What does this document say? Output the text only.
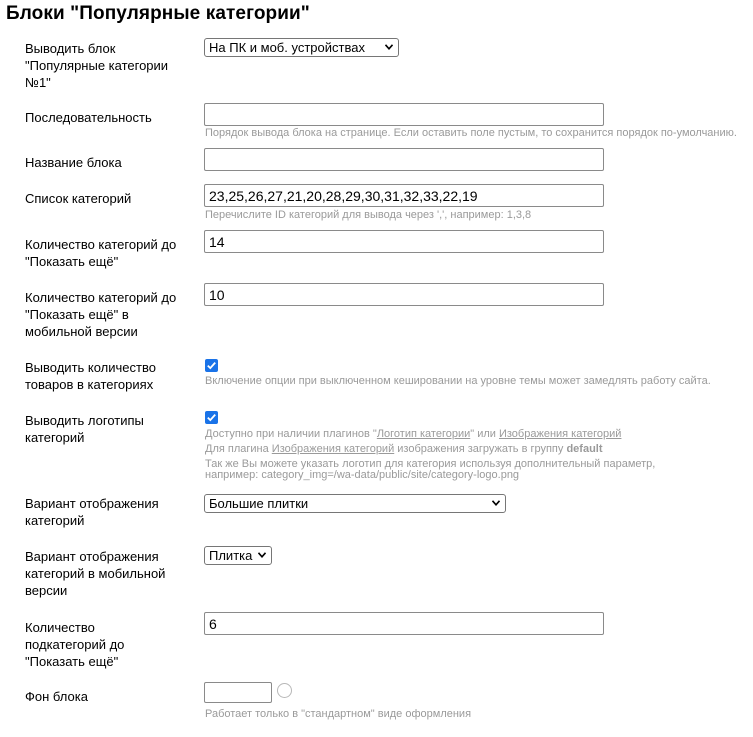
Блоки "Популярные категории"
Выводить блок "Популярные категории №1"
На ПК и моб. устройствах
Последовательность
Порядок вывода блока на странице. Если оставить поле пустым, то сохранится порядок по-умолчанию.
Название блока
Список категорий
23,25,26,27,21,20,28,29,30,31,32,33,22,19
Перечислите ID категорий для вывода через ',', например: 1,3,8
Количество категорий до "Показать ещё"
14
Количество категорий до "Показать ещё" в мобильной версии
10
Выводить количество товаров в категориях	Включение опции при выключенном кешировании на уровне темы может замедлять работу сайта.
Выводить логотипы категорий	Доступно при наличии плагинов "Логотип категории" или Изображения категорий
Для плагина Изображения категорий изображения загружать в группу default
Так же Вы можете указать логотип для категория используя дополнительный параметр,
например: category_img=/wa-data/public/site/category-logo.png
Вариант отображения категорий
Большие плитки
Вариант отображения категорий в мобильной версии
Плитка
Количество подкатегорий до "Показать ещё"
6
Фон блока
Работает только в "стандартном" виде оформления
